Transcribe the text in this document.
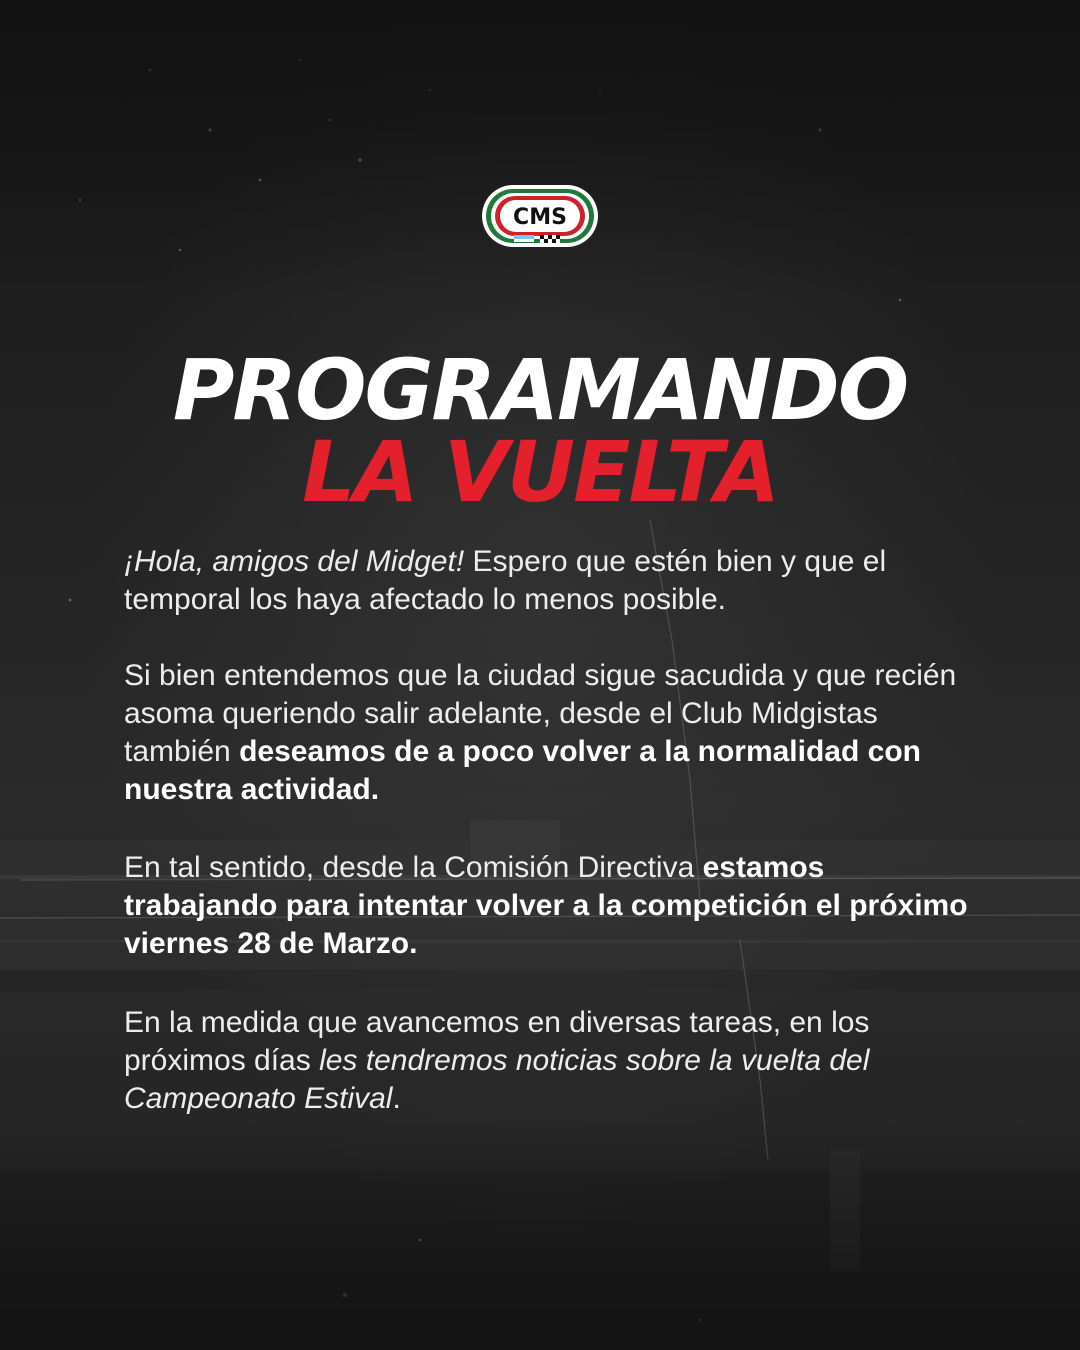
CMS
PROGRAMANDO
LA VUELTA

¡Hola, amigos del Midget! Espero que estén bien y que el temporal los haya afectado lo menos posible.

Si bien entendemos que la ciudad sigue sacudida y que recién asoma queriendo salir adelante, desde el Club Midgistas también deseamos de a poco volver a la normalidad con nuestra actividad.

En tal sentido, desde la Comisión Directiva estamos trabajando para intentar volver a la competición el próximo viernes 28 de Marzo.

En la medida que avancemos en diversas tareas, en los próximos días les tendremos noticias sobre la vuelta del Campeonato Estival.
